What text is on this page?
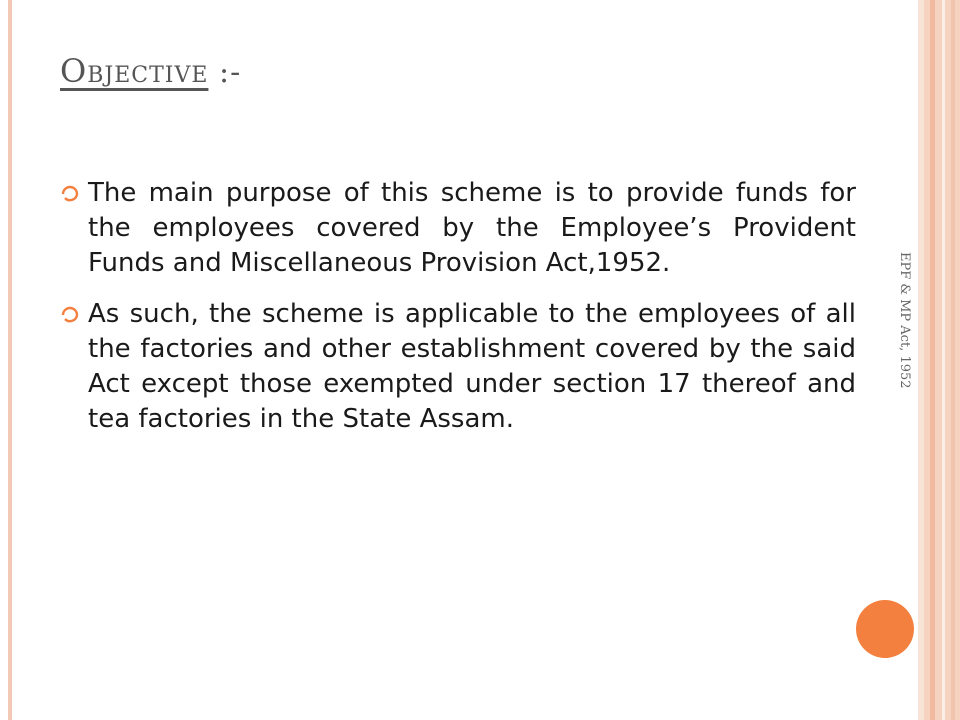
Objective :-
The main purpose of this scheme is to provide funds for the employees covered by the Employee’s Provident Funds and Miscellaneous Provision Act,1952.
As such, the scheme is applicable to the employees of all the factories and other establishment covered by the said Act except those exempted under section 17 thereof and tea factories in the State Assam.
EPF & MP Act, 1952
